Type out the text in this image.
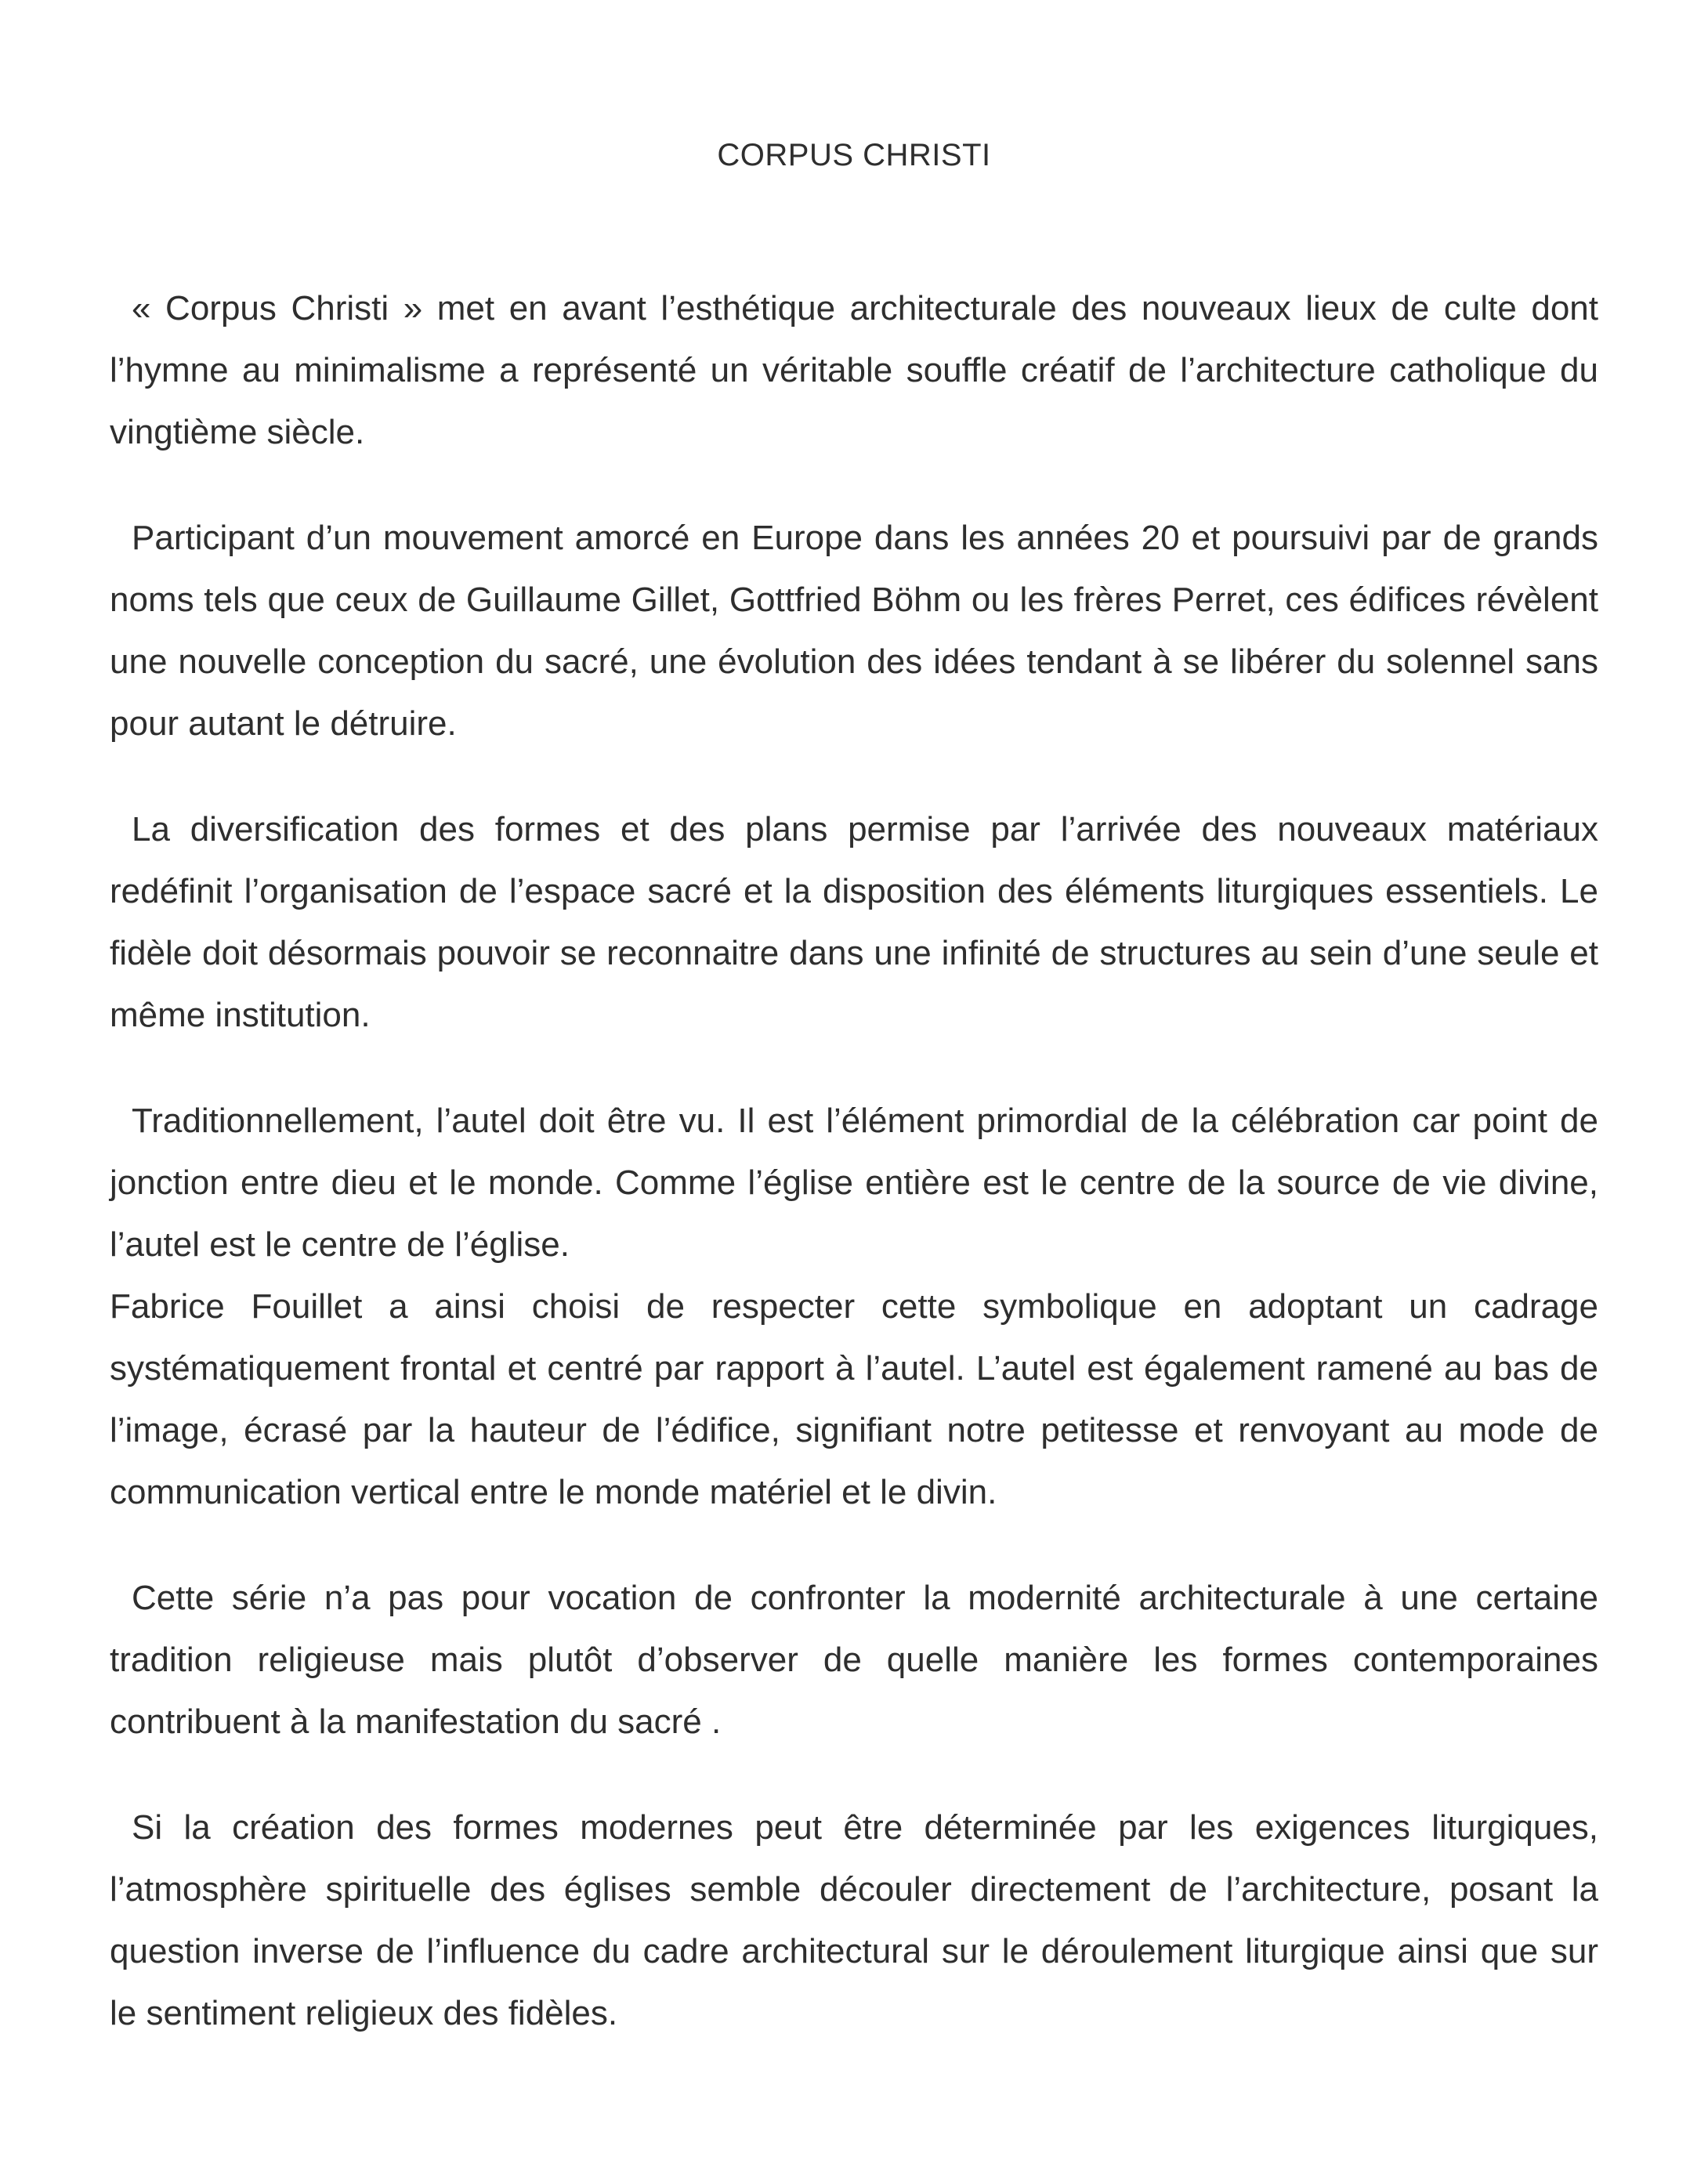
CORPUS CHRISTI

« Corpus Christi » met en avant l’esthétique architecturale des nouveaux lieux de culte dont l’hymne au minimalisme a représenté un véritable souffle créatif de l’architecture catholique du vingtième siècle.

Participant d’un mouvement amorcé en Europe dans les années 20 et poursuivi par de grands noms tels que ceux de Guillaume Gillet, Gottfried Böhm ou les frères Perret, ces édifices révèlent une nouvelle conception du sacré, une évolution des idées tendant à se libérer du solennel sans pour autant le détruire.

La diversification des formes et des plans permise par l’arrivée des nouveaux matériaux redéfinit l’organisation de l’espace sacré et la disposition des éléments liturgiques essentiels. Le fidèle doit désormais pouvoir se reconnaitre dans une infinité de structures au sein d’une seule et même institution.

Traditionnellement, l’autel doit être vu. Il est l’élément primordial de la célébration car point de jonction entre dieu et le monde. Comme l’église entière est le centre de la source de vie divine, l’autel est le centre de l’église.

Fabrice Fouillet a ainsi choisi de respecter cette symbolique en adoptant un cadrage systématiquement frontal et centré par rapport à l’autel. L’autel est également ramené au bas de l’image, écrasé par la hauteur de l’édifice, signifiant notre petitesse et renvoyant au mode de communication vertical entre le monde matériel et le divin.

Cette série n’a pas pour vocation de confronter la modernité architecturale à une certaine tradition religieuse mais plutôt d’observer de quelle manière les formes contemporaines contribuent à la manifestation du sacré .

Si la création des formes modernes peut être déterminée par les exigences liturgiques, l’atmosphère spirituelle des églises semble découler directement de l’architecture, posant la question inverse de l’influence du cadre architectural sur le déroulement liturgique ainsi que sur le sentiment religieux des fidèles.
